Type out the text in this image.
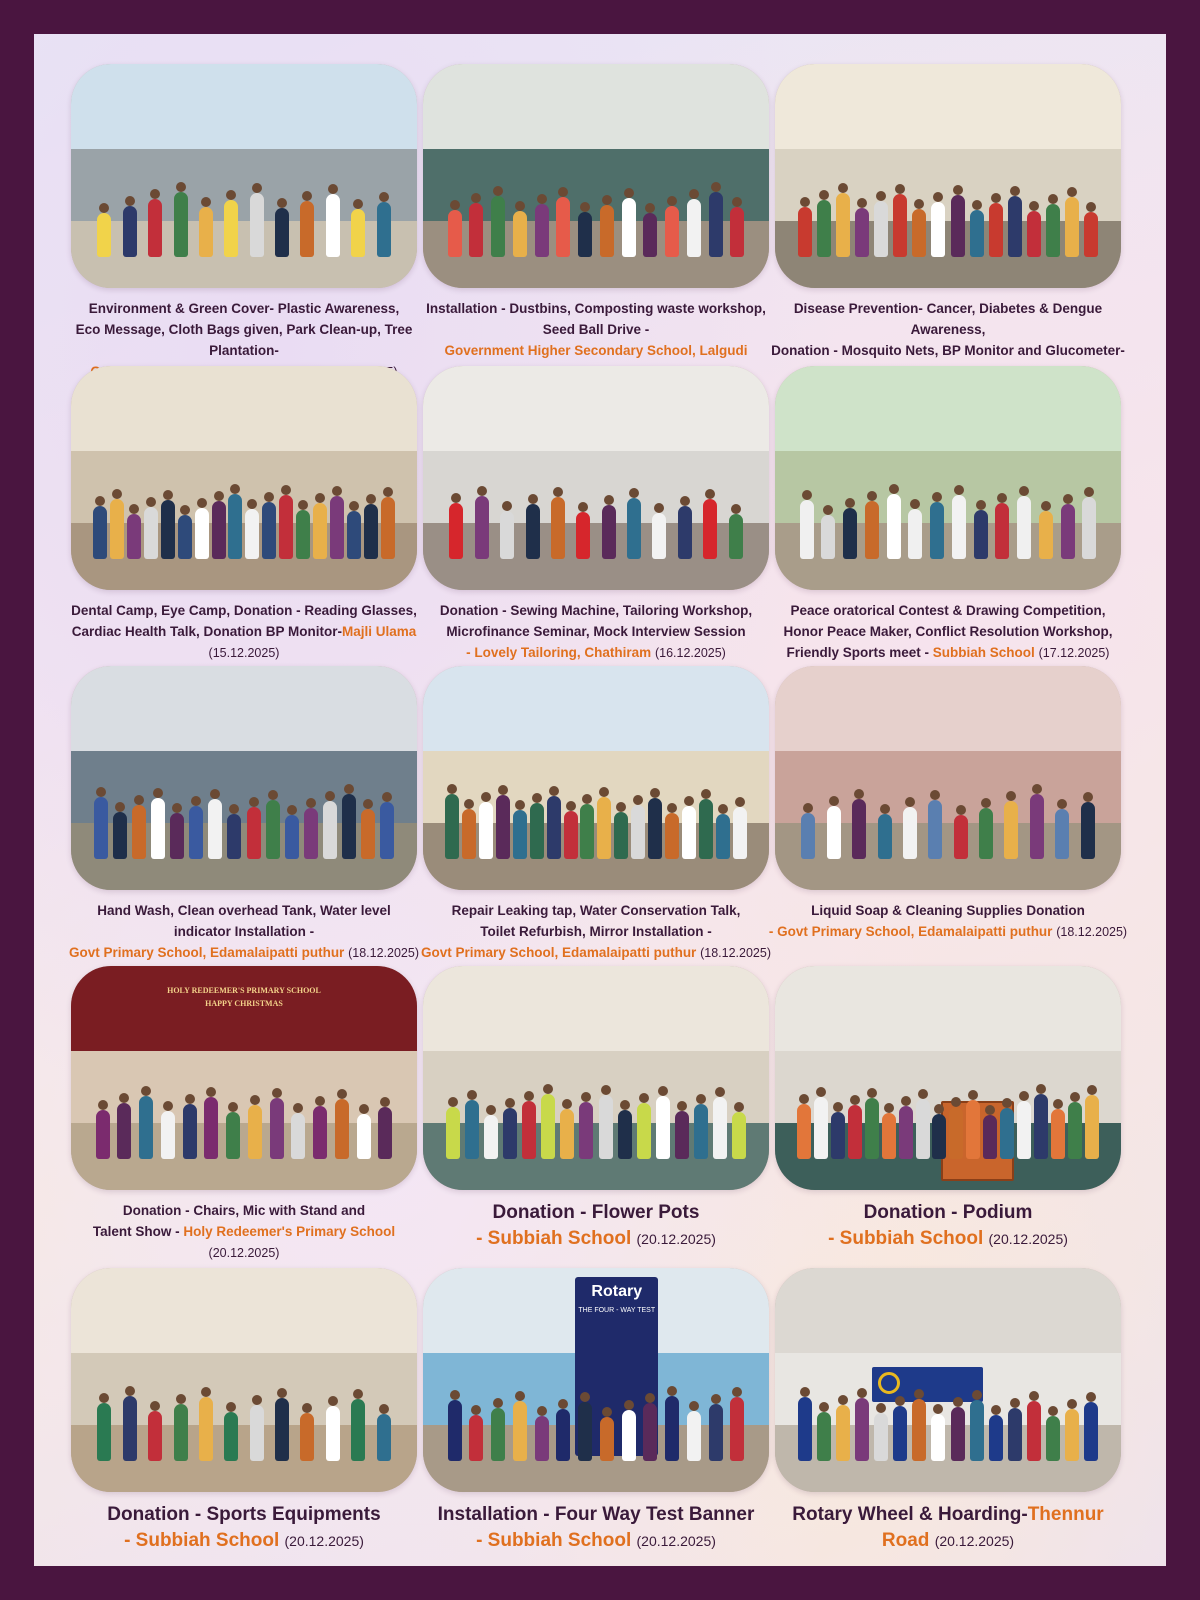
Environment & Green Cover- Plastic Awareness,
Eco Message, Cloth Bags given, Park Clean-up, Tree Plantation-

Installation - Dustbins, Composting waste workshop,
Seed Ball Drive -
Government Higher Secondary School, Lalgudi
Disease Prevention- Cancer, Diabetes & Dengue Awareness,
Donation - Mosquito Nets, BP Monitor and Glucometer-
Dental Camp, Eye Camp, Donation - Reading Glasses,
Cardiac Health Talk, Donation BP Monitor-Majli Ulama (15.12.2025)
Donation - Sewing Machine, Tailoring Workshop,
Microfinance Seminar, Mock Interview Session
- Lovely Tailoring, Chathiram (16.12.2025)
Peace oratorical Contest & Drawing Competition,
Honor Peace Maker, Conflict Resolution Workshop,
Friendly Sports meet - Subbiah School (17.12.2025)
Hand Wash, Clean overhead Tank, Water level
indicator Installation -
Govt Primary School, Edamalaipatti puthur (18.12.2025)
Repair Leaking tap, Water Conservation Talk,
Toilet Refurbish, Mirror Installation -
Govt Primary School, Edamalaipatti puthur (18.12.2025)
Liquid Soap & Cleaning Supplies Donation
- Govt Primary School, Edamalaipatti puthur (18.12.2025)
HOLY REDEEMER'S PRIMARY SCHOOL
HAPPY CHRISTMAS
Donation - Chairs, Mic with Stand and
Talent Show - Holy Redeemer's Primary School (20.12.2025)
Donation - Flower Pots
- Subbiah School (20.12.2025)
Donation - Podium
- Subbiah School (20.12.2025)
Donation - Sports Equipments
- Subbiah School (20.12.2025)
Rotary
THE FOUR - WAY TEST
Installation - Four Way Test Banner
- Subbiah School (20.12.2025)
Rotary Wheel & Hoarding-Thennur Road (20.12.2025)
